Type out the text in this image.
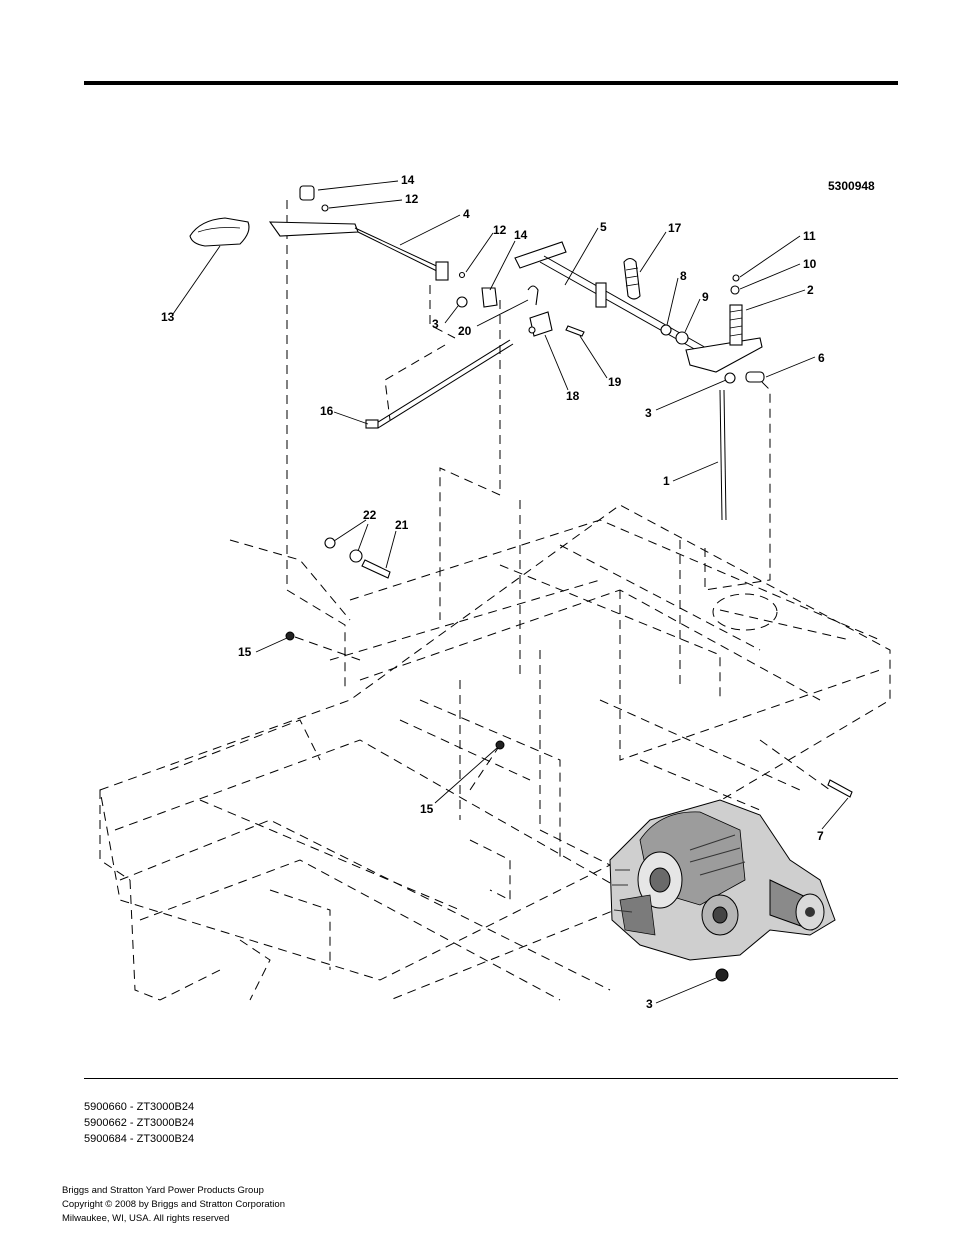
5300948
14
12
4
13
12 14
3 20
5	17
8
9
11
10
2
6
3
19
18
1
16
22
21
15
15
7
3
5900660 - ZT3000B24
5900662 - ZT3000B24
5900684 - ZT3000B24
Briggs and Stratton Yard Power Products Group
Copyright © 2008 by Briggs and Stratton Corporation
Milwaukee, WI, USA. All rights reserved
